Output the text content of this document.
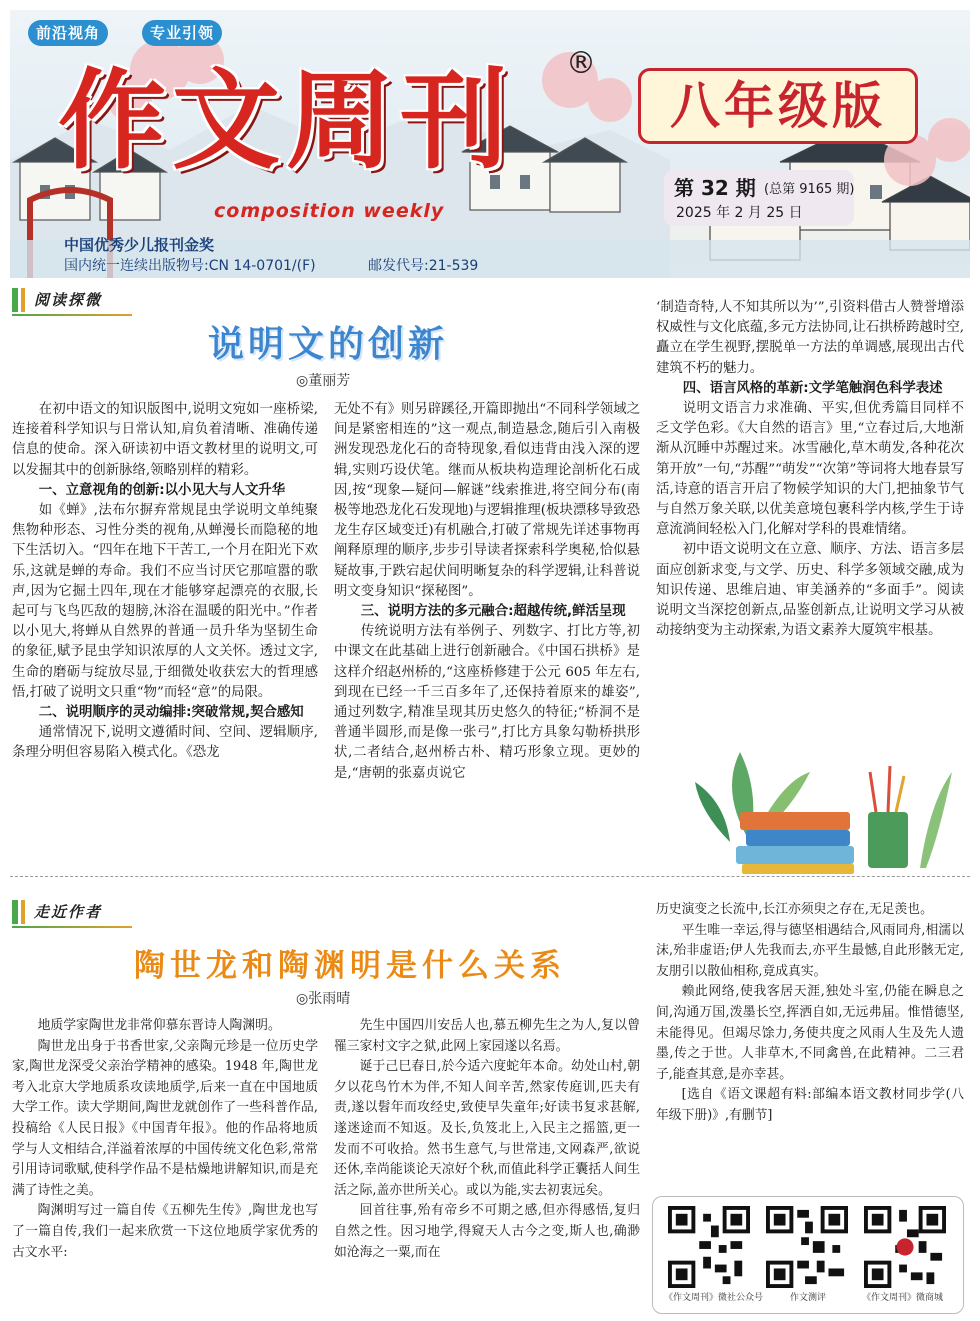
前沿视角	专业引领
作文周刊 ®
composition weekly
中国优秀少儿报刊金奖
国内统一连续出版物号:CN 14-0701/(F)	邮发代号:21-539
八年级版
第 32 期 (总第 9165 期)
2025 年 2 月 25 日
阅读探微
说明文的创新
◎董丽芳

在初中语文的知识版图中,说明文宛如一座桥梁,连接着科学知识与日常认知,肩负着清晰、准确传递信息的使命。深入研读初中语文教材里的说明文,可以发掘其中的创新脉络,领略别样的精彩。

一、立意视角的创新:以小见大与人文升华

如《蝉》,法布尔摒弃常规昆虫学说明文单纯聚焦物种形态、习性分类的视角,从蝉漫长而隐秘的地下生活切入。“四年在地下干苦工,一个月在阳光下欢乐,这就是蝉的寿命。我们不应当讨厌它那喧嚣的歌声,因为它掘土四年,现在才能够穿起漂亮的衣服,长起可与飞鸟匹敌的翅膀,沐浴在温暖的阳光中。”作者以小见大,将蝉从自然界的普通一员升华为坚韧生命的象征,赋予昆虫学知识浓厚的人文关怀。透过文字,生命的磨砺与绽放尽显,于细微处收获宏大的哲理感悟,打破了说明文只重“物”而轻“意”的局限。

二、说明顺序的灵动编排:突破常规,契合感知

通常情况下,说明文遵循时间、空间、逻辑顺序,条理分明但容易陷入模式化。《恐龙

无处不有》则另辟蹊径,开篇即抛出“不同科学领域之间是紧密相连的”这一观点,制造悬念,随后引入南极洲发现恐龙化石的奇特现象,看似违背由浅入深的逻辑,实则巧设伏笔。继而从板块构造理论剖析化石成因,按“现象—疑问—解谜”线索推进,将空间分布(南极等地恐龙化石发现地)与逻辑推理(板块漂移导致恐龙生存区域变迁)有机融合,打破了常规先详述事物再阐释原理的顺序,步步引导读者探索科学奥秘,恰似悬疑故事,于跌宕起伏间明晰复杂的科学逻辑,让科普说明文变身知识“探秘图”。

三、说明方法的多元融合:超越传统,鲜活呈现

传统说明方法有举例子、列数字、打比方等,初中课文在此基础上进行创新融合。《中国石拱桥》是这样介绍赵州桥的,“这座桥修建于公元 605 年左右,到现在已经一千三百多年了,还保持着原来的雄姿”,通过列数字,精准呈现其历史悠久的特征;“桥洞不是普通半圆形,而是像一张弓”,打比方具象勾勒桥拱形状,二者结合,赵州桥古朴、精巧形象立现。更妙的是,“唐朝的张嘉贞说它

‘制造奇特,人不知其所以为’”,引资料借古人赞誉增添权威性与文化底蕴,多元方法协同,让石拱桥跨越时空,矗立在学生视野,摆脱单一方法的单调感,展现出古代建筑不朽的魅力。

四、语言风格的革新:文学笔触润色科学表述

说明文语言力求准确、平实,但优秀篇目同样不乏文学色彩。《大自然的语言》里,“立春过后,大地渐渐从沉睡中苏醒过来。冰雪融化,草木萌发,各种花次第开放”一句,“苏醒”“萌发”“次第”等词将大地春景写活,诗意的语言开启了物候学知识的大门,把抽象节气与自然万象关联,以优美意境包裹科学内核,学生于诗意流淌间轻松入门,化解对学科的畏难情绪。

初中语文说明文在立意、顺序、方法、语言多层面应创新求变,与文学、历史、科学多领域交融,成为知识传递、思维启迪、审美涵养的“多面手”。阅读说明文当深挖创新点,品鉴创新点,让说明文学习从被动接纳变为主动探索,为语文素养大厦筑牢根基。

走近作者
陶世龙和陶渊明是什么关系
◎张雨晴

地质学家陶世龙非常仰慕东晋诗人陶渊明。

陶世龙出身于书香世家,父亲陶元珍是一位历史学家,陶世龙深受父亲治学精神的感染。1948 年,陶世龙考入北京大学地质系攻读地质学,后来一直在中国地质大学工作。读大学期间,陶世龙就创作了一些科普作品,投稿给《人民日报》《中国青年报》。他的作品将地质学与人文相结合,洋溢着浓厚的中国传统文化色彩,常常引用诗词歌赋,使科学作品不是枯燥地讲解知识,而是充满了诗性之美。

陶渊明写过一篇自传《五柳先生传》,陶世龙也写了一篇自传,我们一起来欣赏一下这位地质学家优秀的古文水平:

先生中国四川安岳人也,慕五柳先生之为人,复以曾罹三家村文字之狱,此网上家园遂以名焉。

诞于己巳春日,於今适六度蛇年本命。幼处山村,朝夕以花鸟竹木为伴,不知人间辛苦,然家传庭训,匹夫有责,遂以髫年而攻经史,致使早失童年;好读书复求甚解,遂迷途而不知返。及长,负笈北上,入民主之摇篮,更一发而不可收拾。然书生意气,与世常违,文网森严,欲说还休,幸尚能谈论天凉好个秋,而值此科学正囊括人间生活之际,盖亦世所关心。或以为能,实去初衷远矣。

回首往事,殆有帝乡不可期之感,但亦得感悟,复归自然之性。因习地学,得窥天人古今之变,斯人也,确渺如沧海之一粟,而在

历史演变之长流中,长江亦须臾之存在,无足羡也。

平生唯一幸运,得与德坚相遇结合,风雨同舟,相濡以沫,殆非虚语;伊人先我而去,亦平生最憾,自此形骸无定,友朋引以散仙相称,竟成真实。

赖此网络,使我客居天涯,独处斗室,仍能在瞬息之间,沟通万国,泼墨长空,挥洒自如,无远弗届。惟惜德坚,未能得见。但竭尽馀力,务使共度之风雨人生及先人遗墨,传之于世。人非草木,不同禽兽,在此精神。二三君子,能查其意,是亦幸甚。

[选自《语文课超有料:部编本语文教材同步学(八年级下册)》,有删节]

《作文周刊》微社公众号	作文测评	《作文周刊》微商城
